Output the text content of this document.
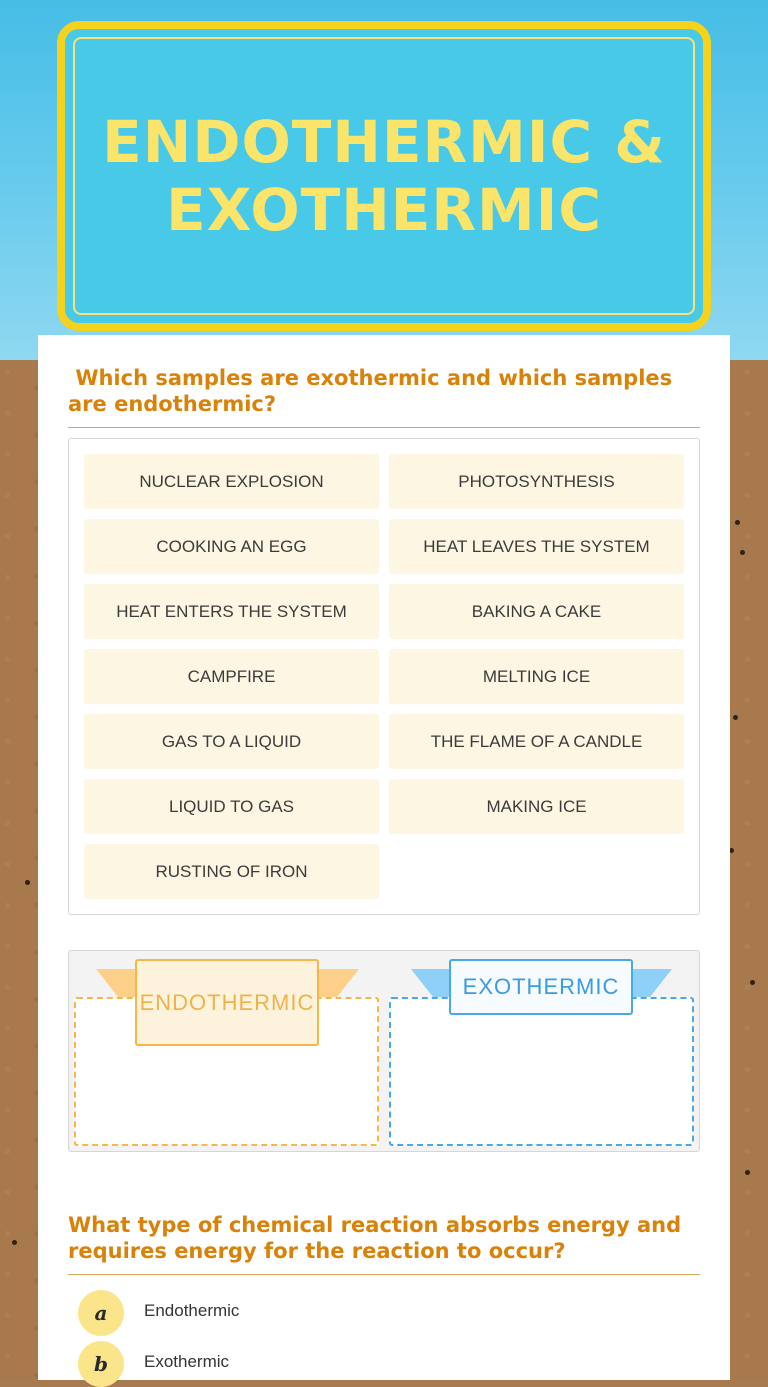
ENDOTHERMIC &
EXOTHERMIC
Which samples are exothermic and which samples are endothermic?
NUCLEAR EXPLOSION	PHOTOSYNTHESIS
COOKING AN EGG	HEAT LEAVES THE SYSTEM
HEAT ENTERS THE SYSTEM	BAKING A CAKE
CAMPFIRE	MELTING ICE
GAS TO A LIQUID	THE FLAME OF A CANDLE
LIQUID TO GAS	MAKING ICE
RUSTING OF IRON
ENDOTHERMIC
EXOTHERMIC
What type of chemical reaction absorbs energy and requires energy for the reaction to occur?
a	Endothermic
b	Exothermic
